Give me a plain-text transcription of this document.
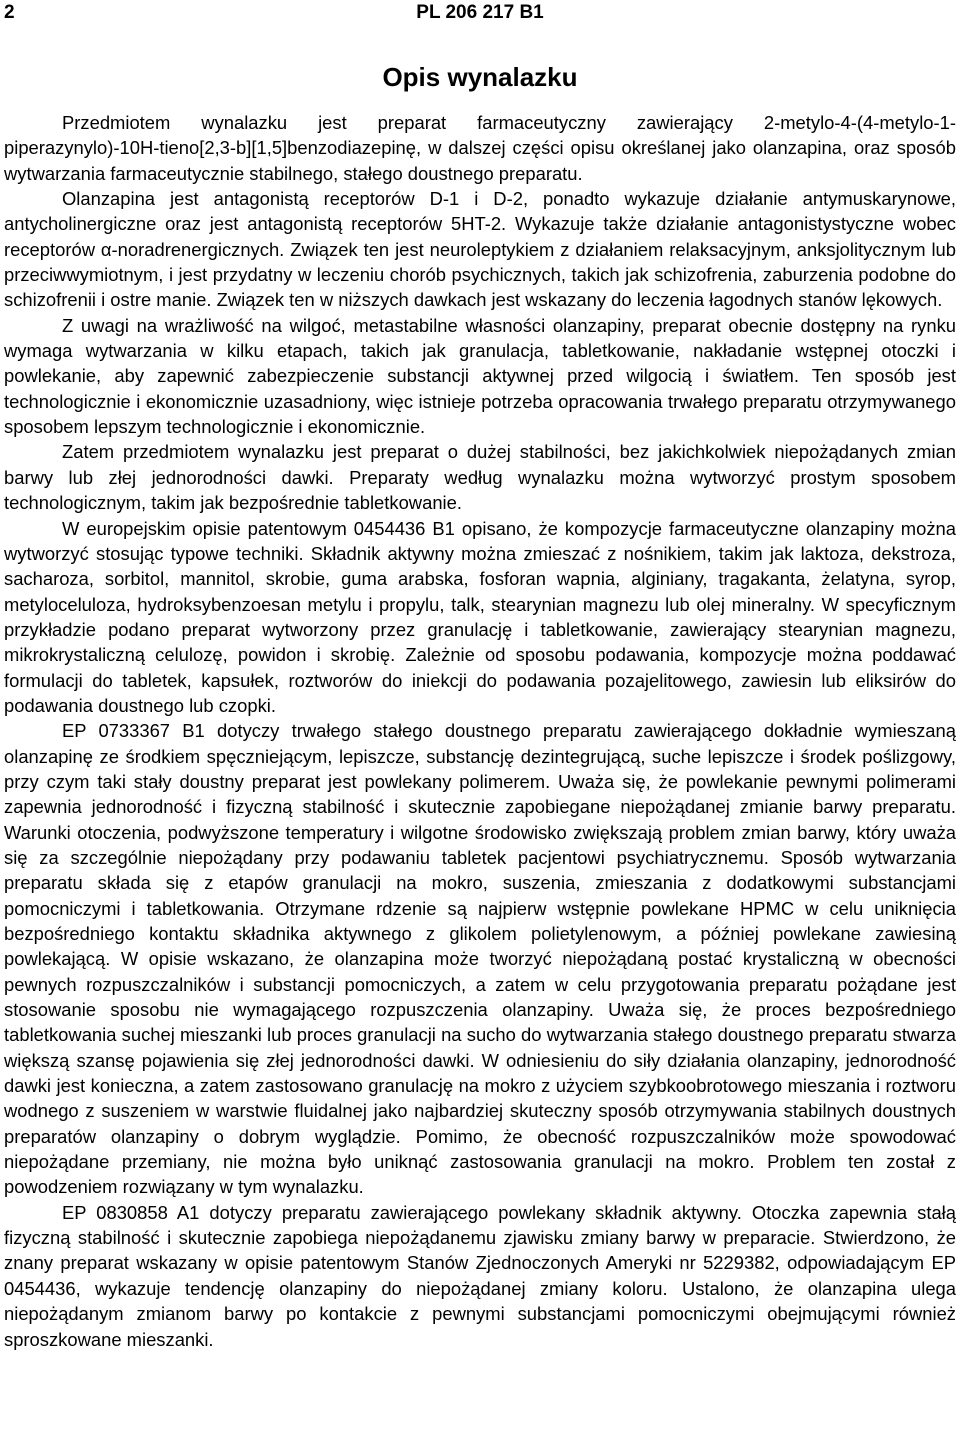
2	PL 206 217 B1
Opis wynalazku

Przedmiotem wynalazku jest preparat farmaceutyczny zawierający 2-metylo-4-(4-metylo-1-piperazynylo)-10H-tieno[2,3-b][1,5]benzodiazepinę, w dalszej części opisu określanej jako olanzapina, oraz sposób wytwarzania farmaceutycznie stabilnego, stałego doustnego preparatu.

Olanzapina jest antagonistą receptorów D-1 i D-2, ponadto wykazuje działanie antymuskarynowe, antycholinergiczne oraz jest antagonistą receptorów 5HT-2. Wykazuje także działanie antagonistystyczne wobec receptorów α-noradrenergicznych. Związek ten jest neuroleptykiem z działaniem relaksacyjnym, anksjolitycznym lub przeciwwymiotnym, i jest przydatny w leczeniu chorób psychicznych, takich jak schizofrenia, zaburzenia podobne do schizofrenii i ostre manie. Związek ten w niższych dawkach jest wskazany do leczenia łagodnych stanów lękowych.

Z uwagi na wrażliwość na wilgoć, metastabilne własności olanzapiny, preparat obecnie dostępny na rynku wymaga wytwarzania w kilku etapach, takich jak granulacja, tabletkowanie, nakładanie wstępnej otoczki i powlekanie, aby zapewnić zabezpieczenie substancji aktywnej przed wilgocią i światłem. Ten sposób jest technologicznie i ekonomicznie uzasadniony, więc istnieje potrzeba opracowania trwałego preparatu otrzymywanego sposobem lepszym technologicznie i ekonomicznie.

Zatem przedmiotem wynalazku jest preparat o dużej stabilności, bez jakichkolwiek niepożądanych zmian barwy lub złej jednorodności dawki. Preparaty według wynalazku można wytworzyć prostym sposobem technologicznym, takim jak bezpośrednie tabletkowanie.

W europejskim opisie patentowym 0454436 B1 opisano, że kompozycje farmaceutyczne olanzapiny można wytworzyć stosując typowe techniki. Składnik aktywny można zmieszać z nośnikiem, takim jak laktoza, dekstroza, sacharoza, sorbitol, mannitol, skrobie, guma arabska, fosforan wapnia, alginiany, tragakanta, żelatyna, syrop, metyloceluloza, hydroksybenzoesan metylu i propylu, talk, stearynian magnezu lub olej mineralny. W specyficznym przykładzie podano preparat wytworzony przez granulację i tabletkowanie, zawierający stearynian magnezu, mikrokrystaliczną celulozę, powidon i skrobię. Zależnie od sposobu podawania, kompozycje można poddawać formulacji do tabletek, kapsułek, roztworów do iniekcji do podawania pozajelitowego, zawiesin lub eliksirów do podawania doustnego lub czopki.

EP 0733367 B1 dotyczy trwałego stałego doustnego preparatu zawierającego dokładnie wymieszaną olanzapinę ze środkiem spęczniejącym, lepiszcze, substancję dezintegrującą, suche lepiszcze i środek poślizgowy, przy czym taki stały doustny preparat jest powlekany polimerem. Uważa się, że powlekanie pewnymi polimerami zapewnia jednorodność i fizyczną stabilność i skutecznie zapobiegane niepożądanej zmianie barwy preparatu. Warunki otoczenia, podwyższone temperatury i wilgotne środowisko zwiększają problem zmian barwy, który uważa się za szczególnie niepożądany przy podawaniu tabletek pacjentowi psychiatrycznemu. Sposób wytwarzania preparatu składa się z etapów granulacji na mokro, suszenia, zmieszania z dodatkowymi substancjami pomocniczymi i tabletkowania. Otrzymane rdzenie są najpierw wstępnie powlekane HPMC w celu uniknięcia bezpośredniego kontaktu składnika aktywnego z glikolem polietylenowym, a później powlekane zawiesiną powlekającą. W opisie wskazano, że olanzapina może tworzyć niepożądaną postać krystaliczną w obecności pewnych rozpuszczalników i substancji pomocniczych, a zatem w celu przygotowania preparatu pożądane jest stosowanie sposobu nie wymagającego rozpuszczenia olanzapiny. Uważa się, że proces bezpośredniego tabletkowania suchej mieszanki lub proces granulacji na sucho do wytwarzania stałego doustnego preparatu stwarza większą szansę pojawienia się złej jednorodności dawki. W odniesieniu do siły działania olanzapiny, jednorodność dawki jest konieczna, a zatem zastosowano granulację na mokro z użyciem szybkoobrotowego mieszania i roztworu wodnego z suszeniem w warstwie fluidalnej jako najbardziej skuteczny sposób otrzymywania stabilnych doustnych preparatów olanzapiny o dobrym wyglądzie. Pomimo, że obecność rozpuszczalników może spowodować niepożądane przemiany, nie można było uniknąć zastosowania granulacji na mokro. Problem ten został z powodzeniem rozwiązany w tym wynalazku.

EP 0830858 A1 dotyczy preparatu zawierającego powlekany składnik aktywny. Otoczka zapewnia stałą fizyczną stabilność i skutecznie zapobiega niepożądanemu zjawisku zmiany barwy w preparacie. Stwierdzono, że znany preparat wskazany w opisie patentowym Stanów Zjednoczonych Ameryki nr 5229382, odpowiadającym EP 0454436, wykazuje tendencję olanzapiny do niepożądanej zmiany koloru. Ustalono, że olanzapina ulega niepożądanym zmianom barwy po kontakcie z pewnymi substancjami pomocniczymi obejmującymi również sproszkowane mieszanki.
